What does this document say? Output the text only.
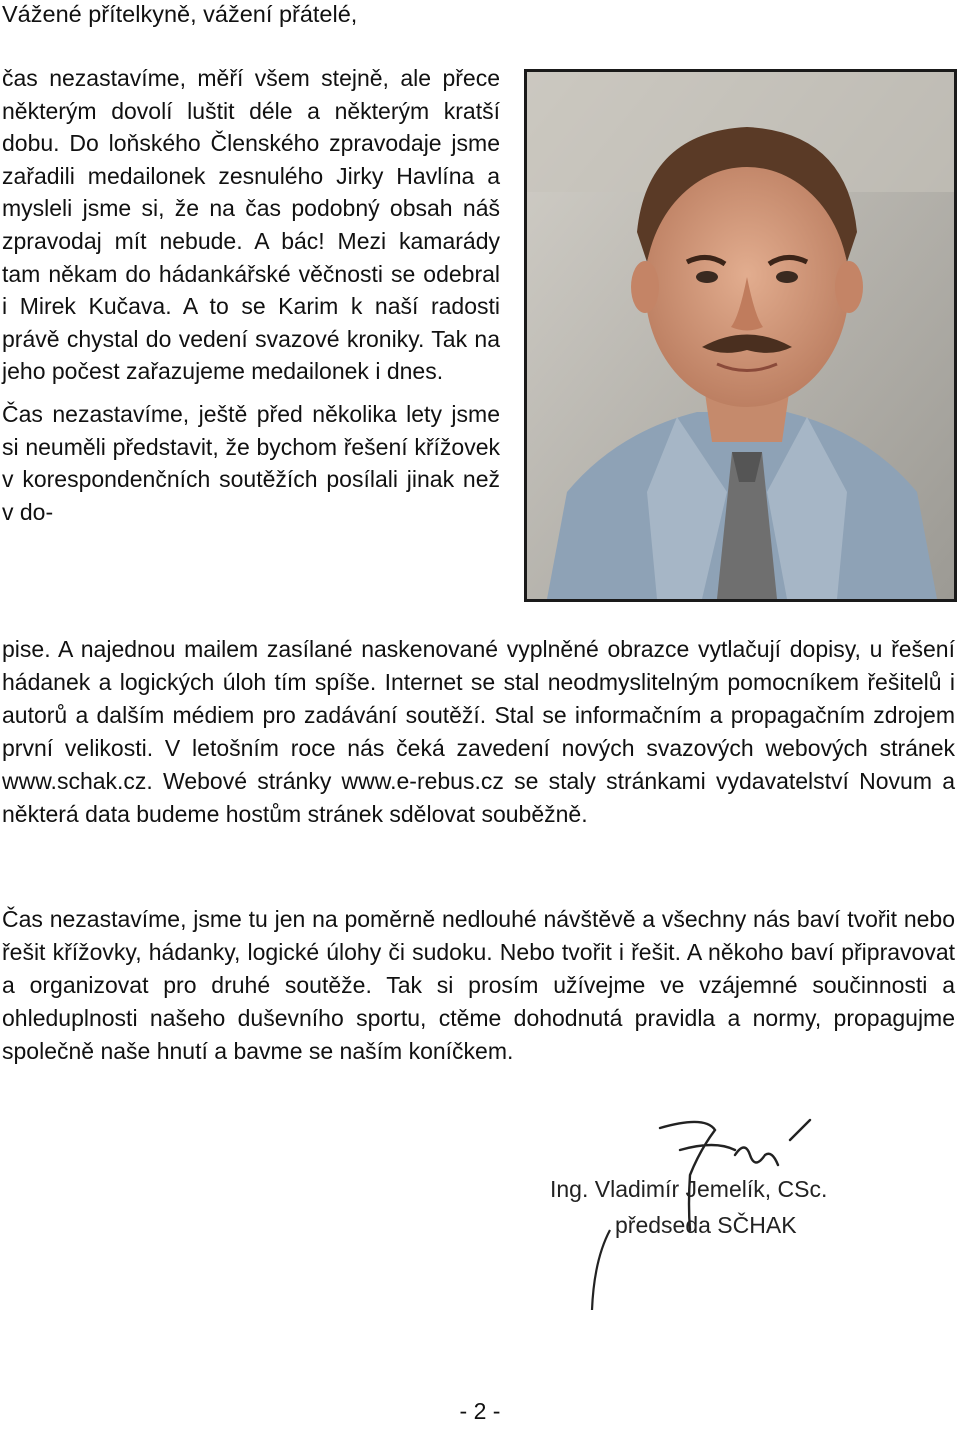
Vážené přítelkyně, vážení přátelé,

čas nezastavíme, měří všem stejně, ale přece některým dovolí luštit déle a některým kratší dobu. Do loňského Členského zpravodaje jsme zařadili medailonek zesnulého Jirky Havlína a mysleli jsme si, že na čas podobný obsah náš zpravodaj mít nebude. A bác! Mezi kamarády tam někam do hádankářské věčnosti se odebral i Mirek Kučava. A to se Karim k naší radosti právě chystal do vedení svazové kroniky. Tak na jeho počest zařazujeme medailonek i dnes.

Čas nezastavíme, ještě před několika lety jsme si neuměli představit, že bychom řešení křížovek v korespondenčních soutěžích posílali jinak než v do-

pise. A najednou mailem zasílané naskenované vyplněné obrazce vytlačují dopisy, u řešení hádanek a logických úloh tím spíše. Internet se stal neodmyslitelným pomocníkem řešitelů i autorů a dalším médiem pro zadávání soutěží. Stal se informačním a propagačním zdrojem první velikosti. V letošním roce nás čeká zavedení nových svazových webových stránek www.schak.cz. Webové stránky www.e-rebus.cz se staly stránkami vydavatelství Novum a některá data budeme hostům stránek sdělovat souběžně.

Čas nezastavíme, jsme tu jen na poměrně nedlouhé návštěvě a všechny nás baví tvořit nebo řešit křížovky, hádanky, logické úlohy či sudoku. Nebo tvořit i řešit. A někoho baví připravovat a organizovat pro druhé soutěže. Tak si prosím užívejme ve vzájemné součinnosti a ohleduplnosti našeho duševního sportu, ctěme dohodnutá pravidla a normy, propagujme společně naše hnutí a bavme se naším koníčkem.

Ing. Vladimír Jemelík, CSc.

předseda SČHAK

- 2 -
